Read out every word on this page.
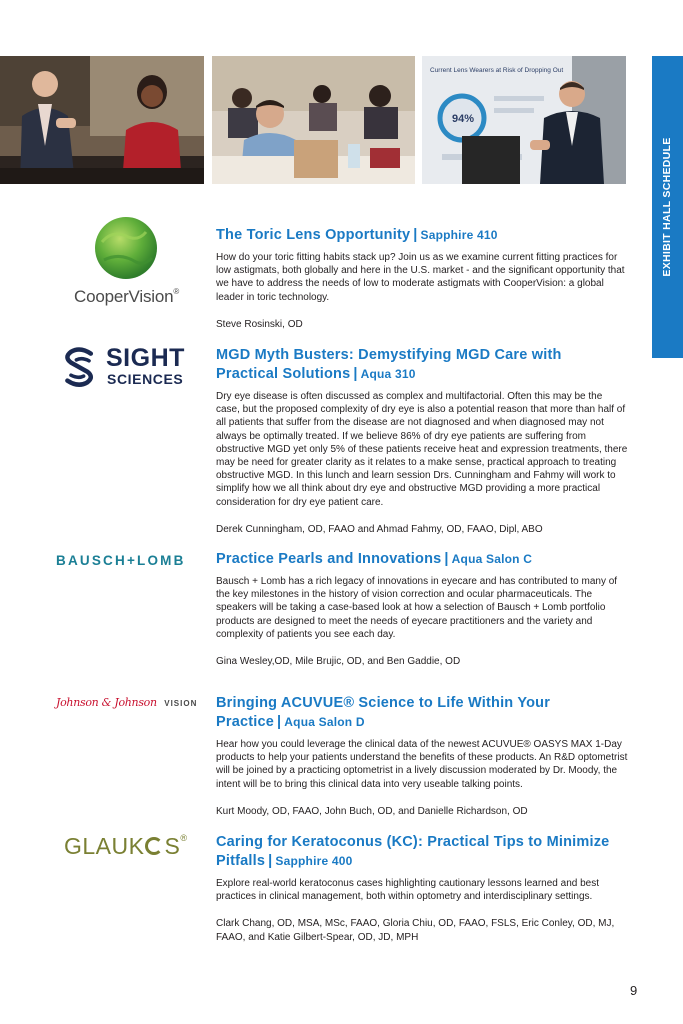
Current Lens Wearers at Risk of Dropping Out
94%
EXHIBIT HALL SCHEDULE
CooperVision®
The Toric Lens Opportunity | Sapphire 410
How do your toric fitting habits stack up? Join us as we examine current fitting practices for low astigmats, both globally and here in the U.S. market - and the significant opportunity that we have to address the needs of low to moderate astigmats with CooperVision: a global leader in toric technology.
Steve Rosinski, OD
SIGHT
SCIENCES
MGD Myth Busters: Demystifying MGD Care with Practical Solutions | Aqua 310
Dry eye disease is often discussed as complex and multifactorial. Often this may be the case, but the proposed complexity of dry eye is also a potential reason that more than half of all patients that suffer from the disease are not diagnosed and when diagnosed may not always be optimally treated. If we believe 86% of dry eye patients are suffering from obstructive MGD yet only 5% of these patients receive heat and expression treatments, there may be need for greater clarity as it relates to a make sense, practical approach to treating obstructive MGD. In this lunch and learn session Drs. Cunningham and Fahmy will work to simplify how we all think about dry eye and obstructive MGD providing a more practical consideration for dry eye patient care.
Derek Cunningham, OD, FAAO and Ahmad Fahmy, OD, FAAO, Dipl, ABO
BAUSCH+LOMB Practice Pearls and Innovations | Aqua Salon C
Bausch + Lomb has a rich legacy of innovations in eyecare and has contributed to many of the key milestones in the history of vision correction and ocular pharmaceuticals. The speakers will be taking a case-based look at how a selection of Bausch + Lomb portfolio products are designed to meet the needs of eyecare practitioners and the variety and complexity of patients you see each day.
Gina Wesley,OD, Mile Brujic, OD, and Ben Gaddie, OD
Johnson & Johnson VISION Bringing ACUVUE® Science to Life Within Your Practice | Aqua Salon D
Hear how you could leverage the clinical data of the newest ACUVUE® OASYS MAX 1-Day products to help your patients understand the benefits of these products. An R&D optometrist will be joined by a practicing optometrist in a lively discussion moderated by Dr. Moody, the intent will be to bring this clinical data into very useable talking points.
Kurt Moody, OD, FAAO, John Buch, OD, and Danielle Richardson, OD
GLAUK S® Caring for Keratoconus (KC): Practical Tips to Minimize Pitfalls | Sapphire 400
Explore real-world keratoconus cases highlighting cautionary lessons learned and best practices in clinical management, both within optometry and interdisciplinary settings.
Clark Chang, OD, MSA, MSc, FAAO, Gloria Chiu, OD, FAAO, FSLS, Eric Conley, OD, MJ, FAAO, and Katie Gilbert-Spear, OD, JD, MPH
9
